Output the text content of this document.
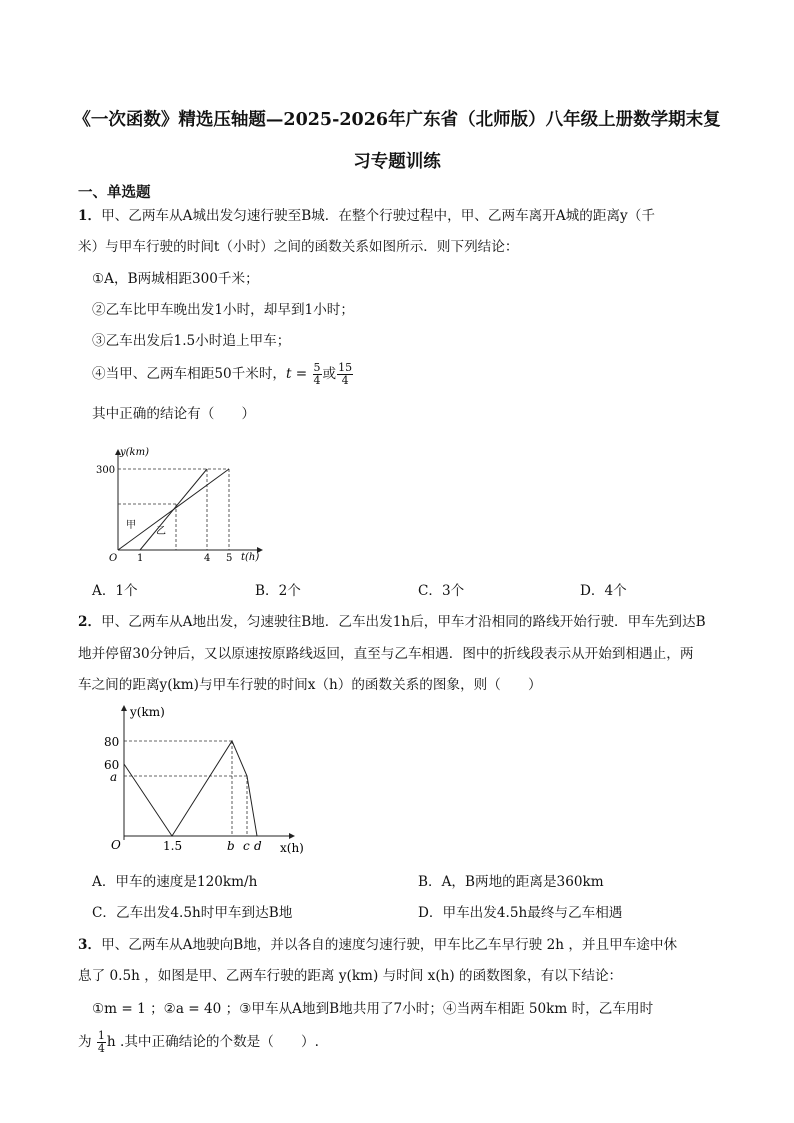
《一次函数》精选压轴题—2025-2026年广东省（北师版）八年级上册数学期末复
习专题训练
一、单选题
1．甲、乙两车从A城出发匀速行驶至B城．在整个行驶过程中，甲、乙两车离开A城的距离y（千
米）与甲车行驶的时间t（小时）之间的函数关系如图所示．则下列结论：
①A，B两城相距300千米；
②乙车比甲车晚出发1小时，却早到1小时；
③乙车出发后1.5小时追上甲车；
④当甲、乙两车相距50千米时，$t = \frac{5}{4}$ 或 $\frac{15}{4}$
其中正确的结论有（　　）
y(km)
t(h)
O
300
1	4 5
甲
乙
A．1个	B．2个	C．3个	D．4个
2．甲、乙两车从A地出发，匀速驶往B地．乙车出发1h后，甲车才沿相同的路线开始行驶．甲车先到达B
地并停留30分钟后，又以原速按原路线返回，直至与乙车相遇．图中的折线段表示从开始到相遇止，两
车之间的距离y(km)与甲车行驶的时间x（h）的函数关系的图象，则（　　）
y(km)
x(h)
O
80
60
a
1.5	b c d
A．甲车的速度是120km/h	B．A，B两地的距离是360km
C．乙车出发4.5h时甲车到达B地	D．甲车出发4.5h最终与乙车相遇
3．甲、乙两车从A地驶向B地，并以各自的速度匀速行驶，甲车比乙车早行驶 2h ，并且甲车途中休
息了 0.5h ，如图是甲、乙两车行驶的距离 y(km) 与时间 x(h) 的函数图象，有以下结论：
①m = 1 ；②a = 40 ；③甲车从A地到B地共用了7小时；④当两车相距 50km 时，乙车用时
为 $\frac{1}{4}$ h .其中正确结论的个数是（　　）.
